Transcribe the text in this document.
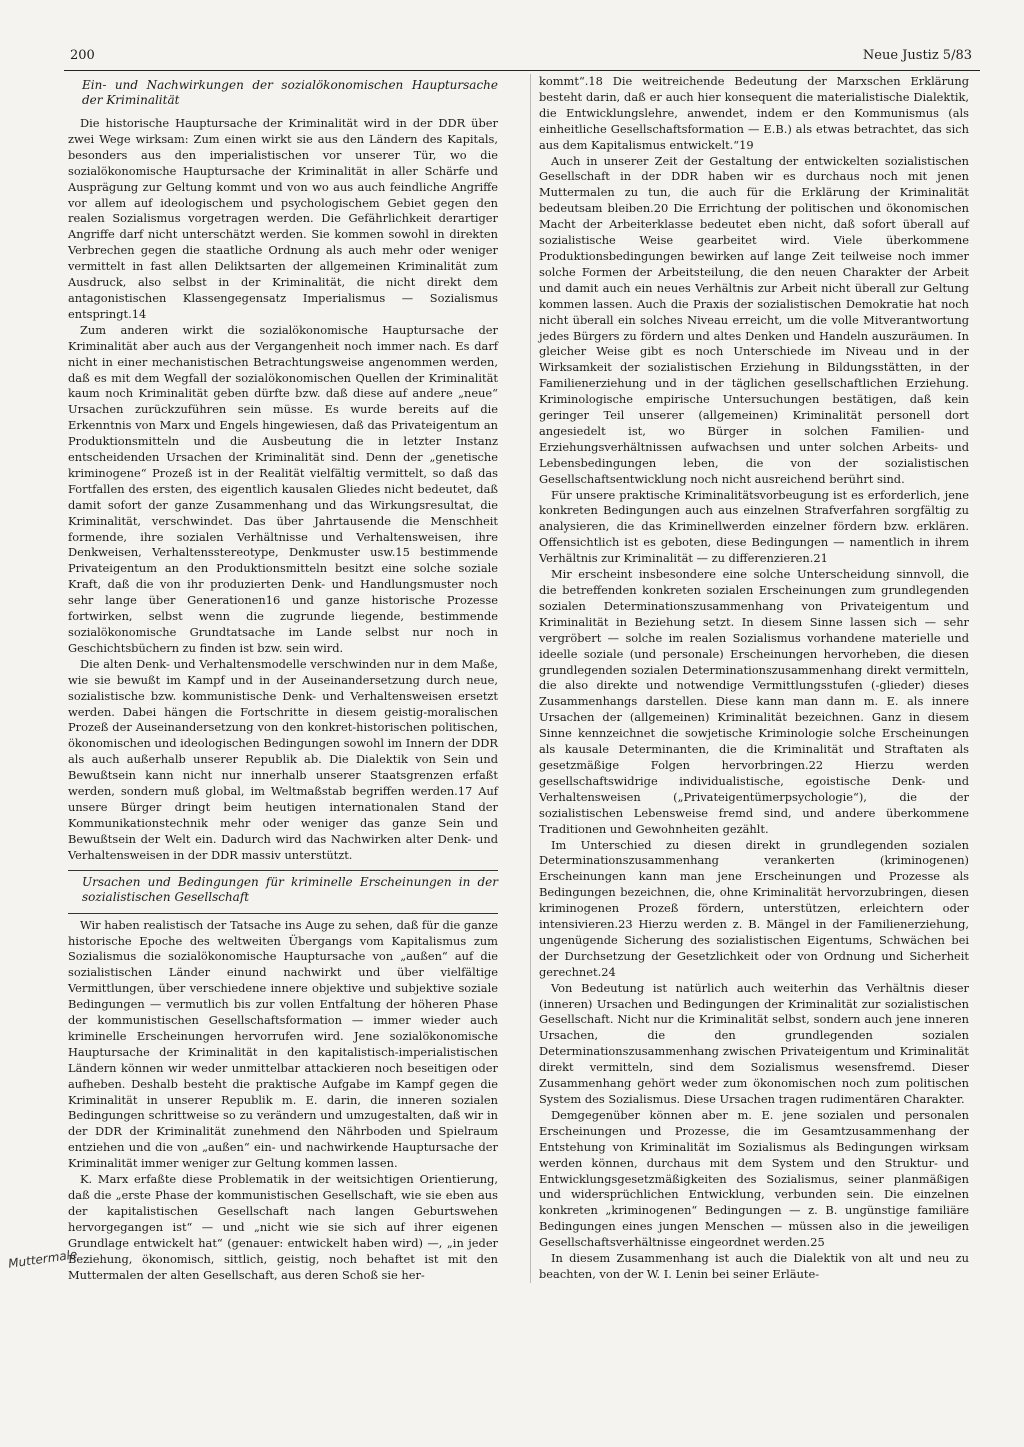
200	Neue Justiz 5/83
Ein- und Nachwirkungen der sozialökonomischen Hauptursache der Kriminalität

Die historische Hauptursache der Kriminalität wird in der DDR über zwei Wege wirksam: Zum einen wirkt sie aus den Ländern des Kapitals, besonders aus den imperialistischen vor unserer Tür, wo die sozialökonomische Hauptursache der Kriminalität in aller Schärfe und Ausprägung zur Geltung kommt und von wo aus auch feindliche Angriffe vor allem auf ideologischem und psychologischem Gebiet gegen den realen Sozialismus vorgetragen werden. Die Gefährlichkeit derartiger Angriffe darf nicht unterschätzt werden. Sie kommen sowohl in direkten Verbrechen gegen die staatliche Ordnung als auch mehr oder weniger vermittelt in fast allen Deliktsarten der allgemeinen Kriminalität zum Ausdruck, also selbst in der Kriminalität, die nicht direkt dem antagonistischen Klassengegensatz Imperialismus — Sozialismus entspringt.14

Zum anderen wirkt die sozialökonomische Hauptursache der Kriminalität aber auch aus der Vergangenheit noch immer nach. Es darf nicht in einer mechanistischen Betrachtungsweise angenommen werden, daß es mit dem Wegfall der sozialökonomischen Quellen der Kriminalität kaum noch Kriminalität geben dürfte bzw. daß diese auf andere „neue“ Ursachen zurückzuführen sein müsse. Es wurde bereits auf die Erkenntnis von Marx und Engels hingewiesen, daß das Privateigentum an Produktionsmitteln und die Ausbeutung die in letzter Instanz entscheidenden Ursachen der Kriminalität sind. Denn der „genetische kriminogene“ Prozeß ist in der Realität vielfältig vermittelt, so daß das Fortfallen des ersten, des eigentlich kausalen Gliedes nicht bedeutet, daß damit sofort der ganze Zusammenhang und das Wirkungsresultat, die Kriminalität, verschwindet. Das über Jahrtausende die Menschheit formende, ihre sozialen Verhältnisse und Verhaltensweisen, ihre Denkweisen, Verhaltensstereotype, Denkmuster usw.15 bestimmende Privateigentum an den Produktionsmitteln besitzt eine solche soziale Kraft, daß die von ihr produzierten Denk- und Handlungsmuster noch sehr lange über Generationen16 und ganze historische Prozesse fortwirken, selbst wenn die zugrunde liegende, bestimmende sozialökonomische Grundtatsache im Lande selbst nur noch in Geschichtsbüchern zu finden ist bzw. sein wird.

Die alten Denk- und Verhaltensmodelle verschwinden nur in dem Maße, wie sie bewußt im Kampf und in der Auseinandersetzung durch neue, sozialistische bzw. kommunistische Denk- und Verhaltensweisen ersetzt werden. Dabei hängen die Fortschritte in diesem geistig-moralischen Prozeß der Auseinandersetzung von den konkret-historischen politischen, ökonomischen und ideologischen Bedingungen sowohl im Innern der DDR als auch außerhalb unserer Republik ab. Die Dialektik von Sein und Bewußtsein kann nicht nur innerhalb unserer Staatsgrenzen erfaßt werden, sondern muß global, im Weltmaßstab begriffen werden.17 Auf unsere Bürger dringt beim heutigen internationalen Stand der Kommunikationstechnik mehr oder weniger das ganze Sein und Bewußtsein der Welt ein. Dadurch wird das Nachwirken alter Denk- und Verhaltensweisen in der DDR massiv unterstützt.

Ursachen und Bedingungen für kriminelle Erscheinungen in der sozialistischen Gesellschaft

Wir haben realistisch der Tatsache ins Auge zu sehen, daß für die ganze historische Epoche des weltweiten Übergangs vom Kapitalismus zum Sozialismus die sozialökonomische Hauptursache von „außen“ auf die sozialistischen Länder einund nachwirkt und über vielfältige Vermittlungen, über verschiedene innere objektive und subjektive soziale Bedingungen — vermutlich bis zur vollen Entfaltung der höheren Phase der kommunistischen Gesellschaftsformation — immer wieder auch kriminelle Erscheinungen hervorrufen wird. Jene sozialökonomische Hauptursache der Kriminalität in den kapitalistisch-imperialistischen Ländern können wir weder unmittelbar attackieren noch beseitigen oder aufheben. Deshalb besteht die praktische Aufgabe im Kampf gegen die Kriminalität in unserer Republik m. E. darin, die inneren sozialen Bedingungen schrittweise so zu verändern und umzugestalten, daß wir in der DDR der Kriminalität zunehmend den Nährboden und Spielraum entziehen und die von „außen“ ein- und nachwirkende Hauptursache der Kriminalität immer weniger zur Geltung kommen lassen.

K. Marx erfaßte diese Problematik in der weitsichtigen Orientierung, daß die „erste Phase der kommunistischen Gesellschaft, wie sie eben aus der kapitalistischen Gesellschaft nach langen Geburtswehen hervorgegangen ist“ — und „nicht wie sie sich auf ihrer eigenen Grundlage entwickelt hat“ (genauer: entwickelt haben wird) —, „in jeder Beziehung, ökonomisch, sittlich, geistig, noch behaftet ist mit den Muttermalen der alten Gesellschaft, aus deren Schoß sie her-

kommt“.18 Die weitreichende Bedeutung der Marxschen Erklärung besteht darin, daß er auch hier konsequent die materialistische Dialektik, die Entwicklungslehre, anwendet, indem er den Kommunismus (als einheitliche Gesellschaftsformation — E.B.) als etwas betrachtet, das sich aus dem Kapitalismus entwickelt.“19

Auch in unserer Zeit der Gestaltung der entwickelten sozialistischen Gesellschaft in der DDR haben wir es durchaus noch mit jenen Muttermalen zu tun, die auch für die Erklärung der Kriminalität bedeutsam bleiben.20 Die Errichtung der politischen und ökonomischen Macht der Arbeiterklasse bedeutet eben nicht, daß sofort überall auf sozialistische Weise gearbeitet wird. Viele überkommene Produktionsbedingungen bewirken auf lange Zeit teilweise noch immer solche Formen der Arbeitsteilung, die den neuen Charakter der Arbeit und damit auch ein neues Verhältnis zur Arbeit nicht überall zur Geltung kommen lassen. Auch die Praxis der sozialistischen Demokratie hat noch nicht überall ein solches Niveau erreicht, um die volle Mitverantwortung jedes Bürgers zu fördern und altes Denken und Handeln auszuräumen. In gleicher Weise gibt es noch Unterschiede im Niveau und in der Wirksamkeit der sozialistischen Erziehung in Bildungsstätten, in der Familienerziehung und in der täglichen gesellschaftlichen Erziehung. Kriminologische empirische Untersuchungen bestätigen, daß kein geringer Teil unserer (allgemeinen) Kriminalität personell dort angesiedelt ist, wo Bürger in solchen Familien- und Erziehungsverhältnissen aufwachsen und unter solchen Arbeits- und Lebensbedingungen leben, die von der sozialistischen Gesellschaftsentwicklung noch nicht ausreichend berührt sind.

Für unsere praktische Kriminalitätsvorbeugung ist es erforderlich, jene konkreten Bedingungen auch aus einzelnen Strafverfahren sorgfältig zu analysieren, die das Kriminellwerden einzelner fördern bzw. erklären. Offensichtlich ist es geboten, diese Bedingungen — namentlich in ihrem Verhältnis zur Kriminalität — zu differenzieren.21

Mir erscheint insbesondere eine solche Unterscheidung sinnvoll, die die betreffenden konkreten sozialen Erscheinungen zum grundlegenden sozialen Determinationszusammenhang von Privateigentum und Kriminalität in Beziehung setzt. In diesem Sinne lassen sich — sehr vergröbert — solche im realen Sozialismus vorhandene materielle und ideelle soziale (und personale) Erscheinungen hervorheben, die diesen grundlegenden sozialen Determinationszusammenhang direkt vermitteln, die also direkte und notwendige Vermittlungsstufen (-glieder) dieses Zusammenhangs darstellen. Diese kann man dann m. E. als innere Ursachen der (allgemeinen) Kriminalität bezeichnen. Ganz in diesem Sinne kennzeichnet die sowjetische Kriminologie solche Erscheinungen als kausale Determinanten, die die Kriminalität und Straftaten als gesetzmäßige Folgen hervorbringen.22 Hierzu werden gesellschaftswidrige individualistische, egoistische Denk- und Verhaltensweisen („Privateigentümerpsychologie“), die der sozialistischen Lebensweise fremd sind, und andere überkommene Traditionen und Gewohnheiten gezählt.

Im Unterschied zu diesen direkt in grundlegenden sozialen Determinationszusammenhang verankerten (kriminogenen) Erscheinungen kann man jene Erscheinungen und Prozesse als Bedingungen bezeichnen, die, ohne Kriminalität hervorzubringen, diesen kriminogenen Prozeß fördern, unterstützen, erleichtern oder intensivieren.23 Hierzu werden z. B. Mängel in der Familienerziehung, ungenügende Sicherung des sozialistischen Eigentums, Schwächen bei der Durchsetzung der Gesetzlichkeit oder von Ordnung und Sicherheit gerechnet.24

Von Bedeutung ist natürlich auch weiterhin das Verhältnis dieser (inneren) Ursachen und Bedingungen der Kriminalität zur sozialistischen Gesellschaft. Nicht nur die Kriminalität selbst, sondern auch jene inneren Ursachen, die den grundlegenden sozialen Determinationszusammenhang zwischen Privateigentum und Kriminalität direkt vermitteln, sind dem Sozialismus wesensfremd. Dieser Zusammenhang gehört weder zum ökonomischen noch zum politischen System des Sozialismus. Diese Ursachen tragen rudimentären Charakter.

Demgegenüber können aber m. E. jene sozialen und personalen Erscheinungen und Prozesse, die im Gesamtzusammenhang der Entstehung von Kriminalität im Sozialismus als Bedingungen wirksam werden können, durchaus mit dem System und den Struktur- und Entwicklungsgesetzmäßigkeiten des Sozialismus, seiner planmäßigen und widersprüchlichen Entwicklung, verbunden sein. Die einzelnen konkreten „kriminogenen“ Bedingungen — z. B. ungünstige familiäre Bedingungen eines jungen Menschen — müssen also in die jeweiligen Gesellschaftsverhältnisse eingeordnet werden.25

In diesem Zusammenhang ist auch die Dialektik von alt und neu zu beachten, von der W. I. Lenin bei seiner Erläute-

Muttermale
